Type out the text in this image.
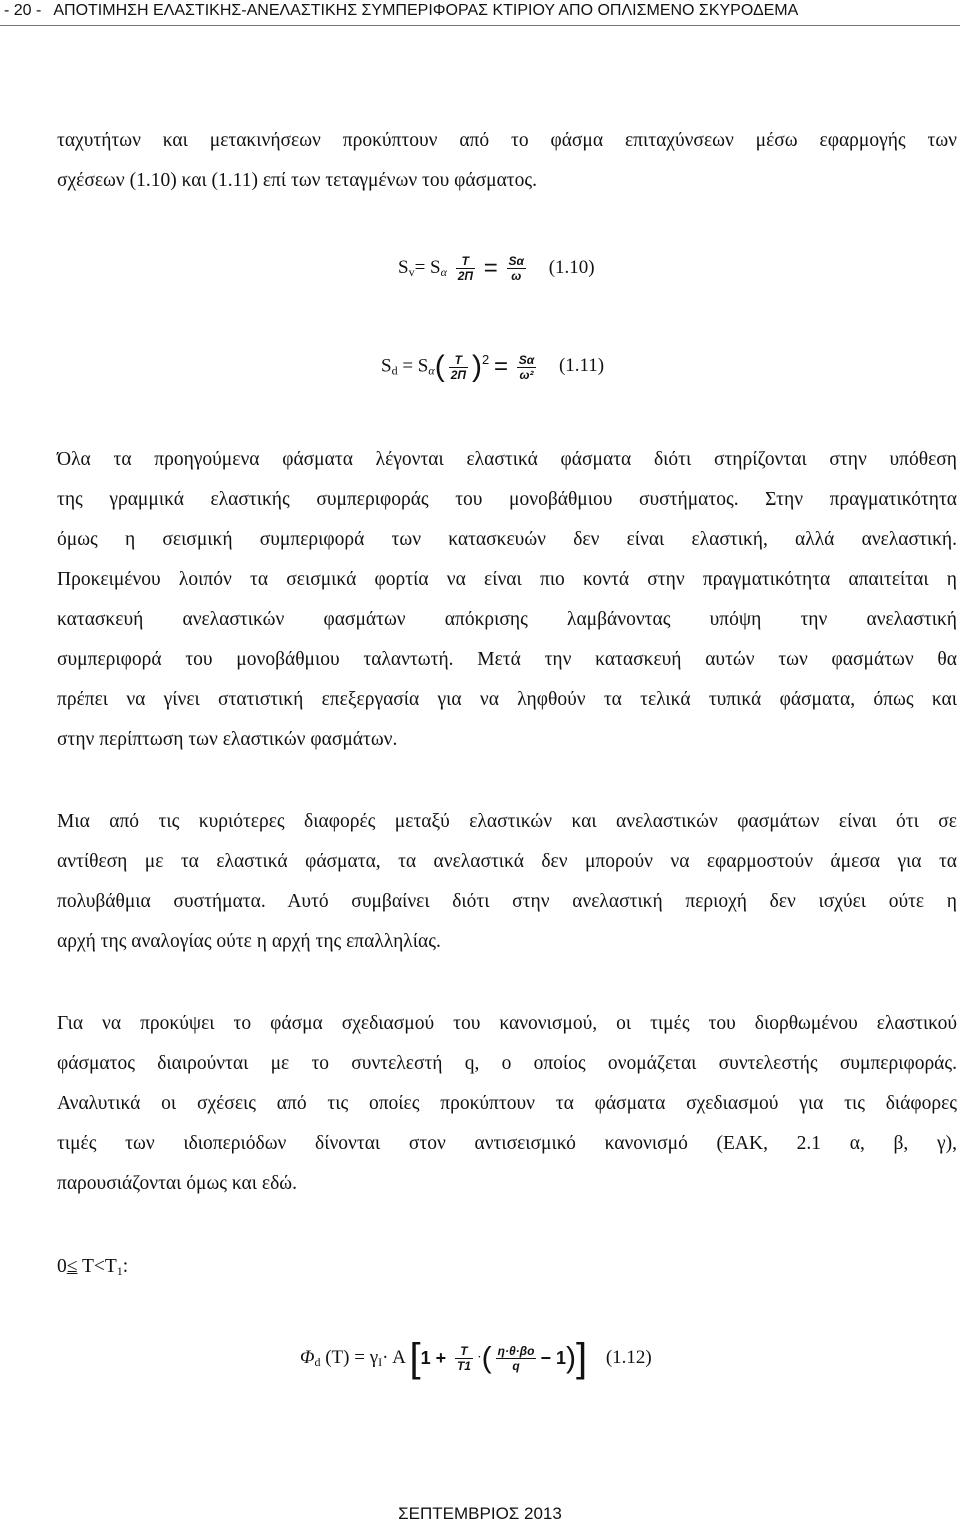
- 20 - ΑΠΟΤΙΜΗΣΗ ΕΛΑΣΤΙΚΗΣ-ΑΝΕΛΑΣΤΙΚΗΣ ΣΥΜΠΕΡΙΦΟΡΑΣ ΚΤΙΡΙΟΥ ΑΠΟ ΟΠΛΙΣΜΕΝΟ ΣΚΥΡΟΔΕΜΑ
ταχυτήτων και μετακινήσεων προκύπτουν από το φάσμα επιταχύνσεων μέσω εφαρμογής των
σχέσεων (1.10) και (1.11) επί των τεταγμένων του φάσματος.
$S_v= S_\alpha \frac{T}{2\Pi} = \frac{S\alpha}{\omega} (1.10)$
$S_d = S_\alpha( \frac{T}{2\Pi} )^2 = \frac{S\alpha}{\text{ω²}} (1.11)$
Όλα τα προηγούμενα φάσματα λέγονται ελαστικά φάσματα διότι στηρίζονται στην υπόθεση
της γραμμικά ελαστικής συμπεριφοράς του μονοβάθμιου συστήματος. Στην πραγματικότητα
όμως η σεισμική συμπεριφορά των κατασκευών δεν είναι ελαστική, αλλά ανελαστική.
Προκειμένου λοιπόν τα σεισμικά φορτία να είναι πιο κοντά στην πραγματικότητα απαιτείται η
κατασκευή ανελαστικών φασμάτων απόκρισης λαμβάνοντας υπόψη την ανελαστική
συμπεριφορά του μονοβάθμιου ταλαντωτή. Μετά την κατασκευή αυτών των φασμάτων θα
πρέπει να γίνει στατιστική επεξεργασία για να ληφθούν τα τελικά τυπικά φάσματα, όπως και
στην περίπτωση των ελαστικών φασμάτων.
Μια από τις κυριότερες διαφορές μεταξύ ελαστικών και ανελαστικών φασμάτων είναι ότι σε
αντίθεση με τα ελαστικά φάσματα, τα ανελαστικά δεν μπορούν να εφαρμοστούν άμεσα για τα
πολυβάθμια συστήματα. Αυτό συμβαίνει διότι στην ανελαστική περιοχή δεν ισχύει ούτε η
αρχή της αναλογίας ούτε η αρχή της επαλληλίας.
Για να προκύψει το φάσμα σχεδιασμού του κανονισμού, οι τιμές του διορθωμένου ελαστικού
φάσματος διαιρούνται με το συντελεστή q, ο οποίος ονομάζεται συντελεστής συμπεριφοράς.
Αναλυτικά οι σχέσεις από τις οποίες προκύπτουν τα φάσματα σχεδιασμού για τις διάφορες
τιμές των ιδιοπεριόδων δίνονται στον αντισεισμικό κανονισμό (ΕΑΚ, 2.1 α, β, γ),
παρουσιάζονται όμως και εδώ.
$0\le T<T_1$:
$\Phi_d$ $(T) = \gamma_I\cdot A$ [$1 + \frac{T}{T1}$ ·( $\frac{\eta\cdot\theta\cdot\beta o}{q} - 1$)] (1.12)
ΣΕΠΤΕΜΒΡΙΟΣ 2013
